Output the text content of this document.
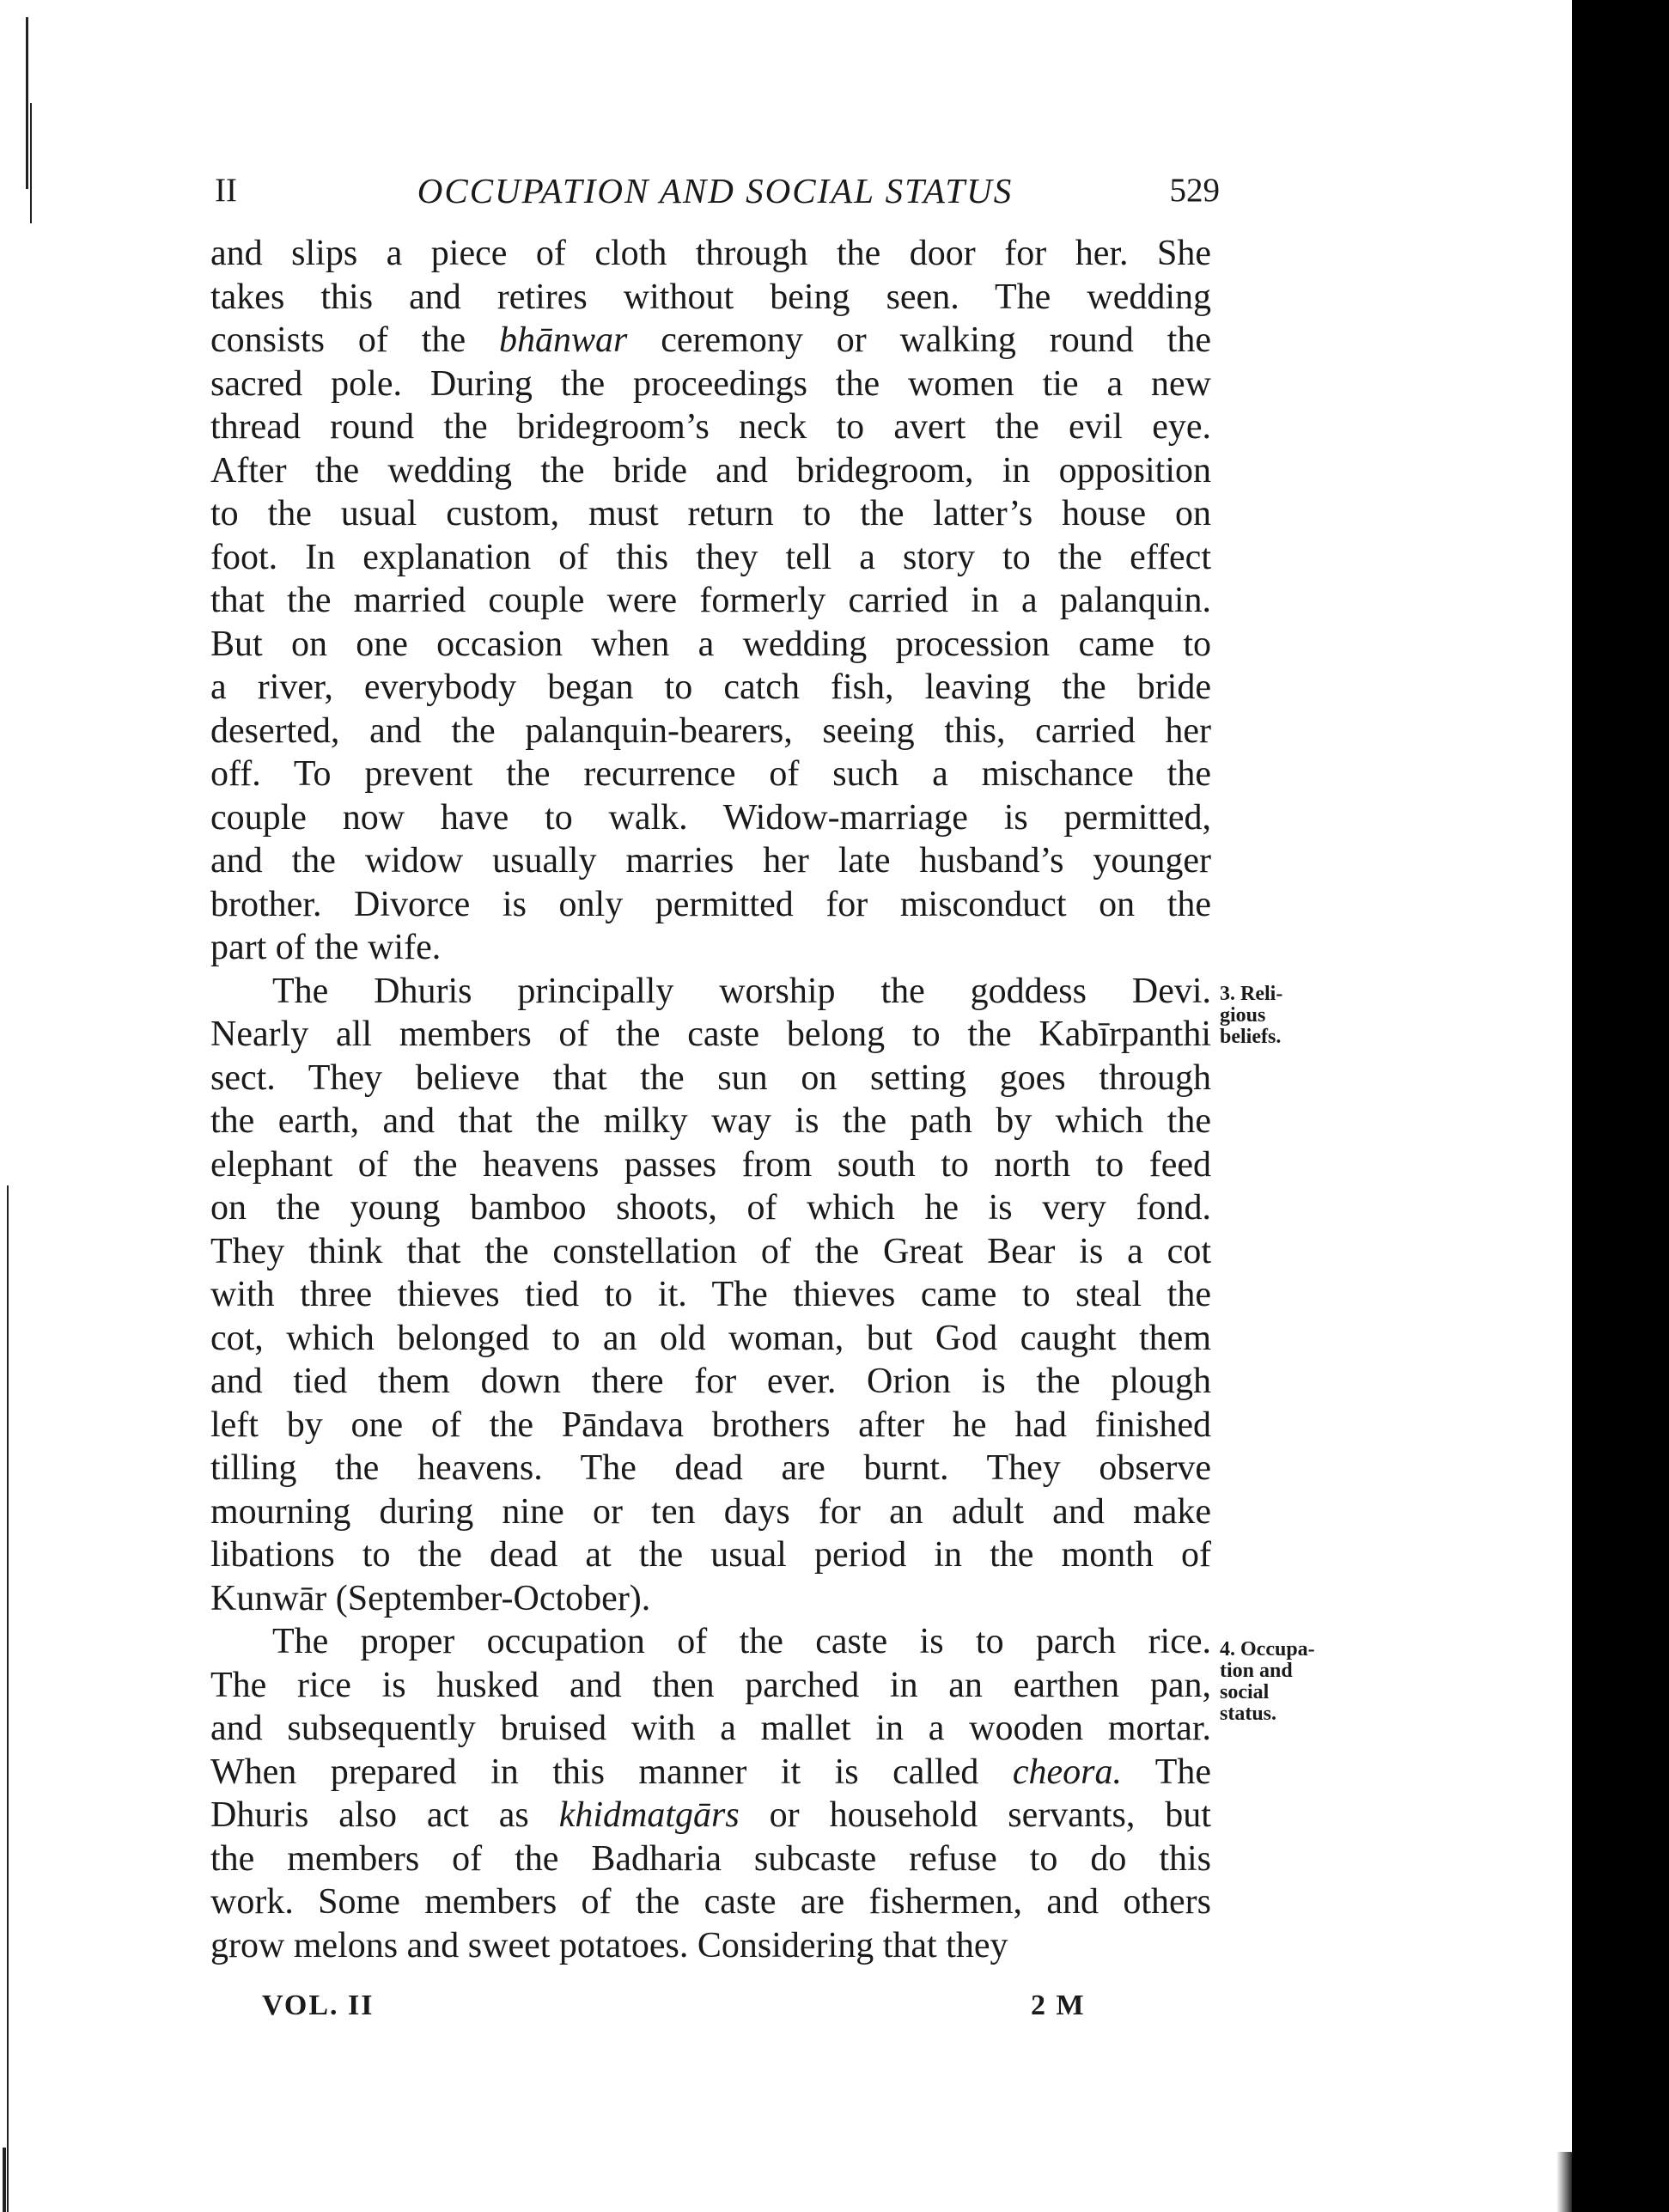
II	OCCUPATION AND SOCIAL STATUS	529
and slips a piece of cloth through the door for her. She
takes this and retires without being seen. The wedding
consists of the bhānwar ceremony or walking round the
sacred pole. During the proceedings the women tie a new
thread round the bridegroom’s neck to avert the evil eye.
After the wedding the bride and bridegroom, in opposition
to the usual custom, must return to the latter’s house on
foot. In explanation of this they tell a story to the effect
that the married couple were formerly carried in a palanquin.
But on one occasion when a wedding procession came to
a river, everybody began to catch fish, leaving the bride
deserted, and the palanquin-bearers, seeing this, carried her
off. To prevent the recurrence of such a mischance the
couple now have to walk. Widow-marriage is permitted,
and the widow usually marries her late husband’s younger
brother. Divorce is only permitted for misconduct on the
part of the wife.
The Dhuris principally worship the goddess Devi.
Nearly all members of the caste belong to the Kabīrpanthi
sect. They believe that the sun on setting goes through
the earth, and that the milky way is the path by which the
elephant of the heavens passes from south to north to feed
on the young bamboo shoots, of which he is very fond.
They think that the constellation of the Great Bear is a cot
with three thieves tied to it. The thieves came to steal the
cot, which belonged to an old woman, but God caught them
and tied them down there for ever. Orion is the plough
left by one of the Pāndava brothers after he had finished
tilling the heavens. The dead are burnt. They observe
mourning during nine or ten days for an adult and make
libations to the dead at the usual period in the month of
Kunwār (September-October).
The proper occupation of the caste is to parch rice.
The rice is husked and then parched in an earthen pan,
and subsequently bruised with a mallet in a wooden mortar.
When prepared in this manner it is called cheora. The
Dhuris also act as khidmatgārs or household servants, but
the members of the Badharia subcaste refuse to do this
work. Some members of the caste are fishermen, and others
grow melons and sweet potatoes. Considering that they
3. Reli-
gious
beliefs.
4. Occupa-
tion and
social
status.
VOL. II	2 M
